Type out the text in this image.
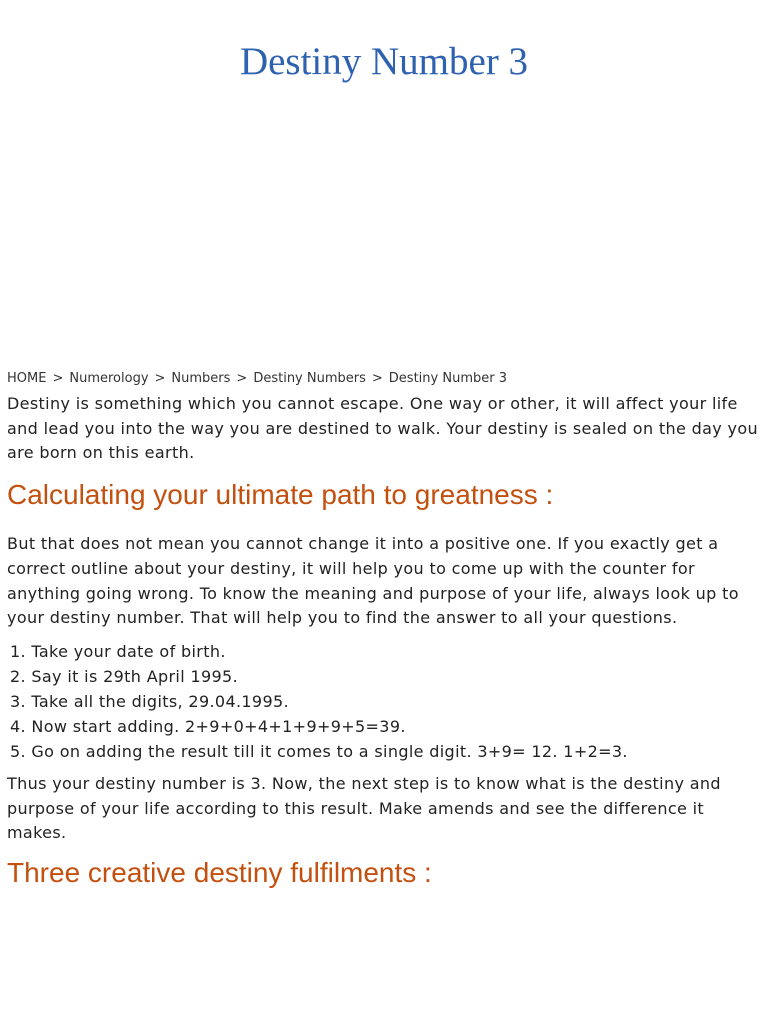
Destiny Number 3
HOME > Numerology > Numbers > Destiny Numbers > Destiny Number 3

Destiny is something which you cannot escape. One way or other, it will affect your life and lead you into the way you are destined to walk. Your destiny is sealed on the day you are born on this earth.

Calculating your ultimate path to greatness :

But that does not mean you cannot change it into a positive one. If you exactly get a correct outline about your destiny, it will help you to come up with the counter for anything going wrong. To know the meaning and purpose of your life, always look up to your destiny number. That will help you to find the answer to all your questions.

1. Take your date of birth.
2. Say it is 29th April 1995.
3. Take all the digits, 29.04.1995.
4. Now start adding. 2+9+0+4+1+9+9+5=39.
5. Go on adding the result till it comes to a single digit. 3+9= 12. 1+2=3.

Thus your destiny number is 3. Now, the next step is to know what is the destiny and purpose of your life according to this result. Make amends and see the difference it makes.

Three creative destiny fulfilments :
